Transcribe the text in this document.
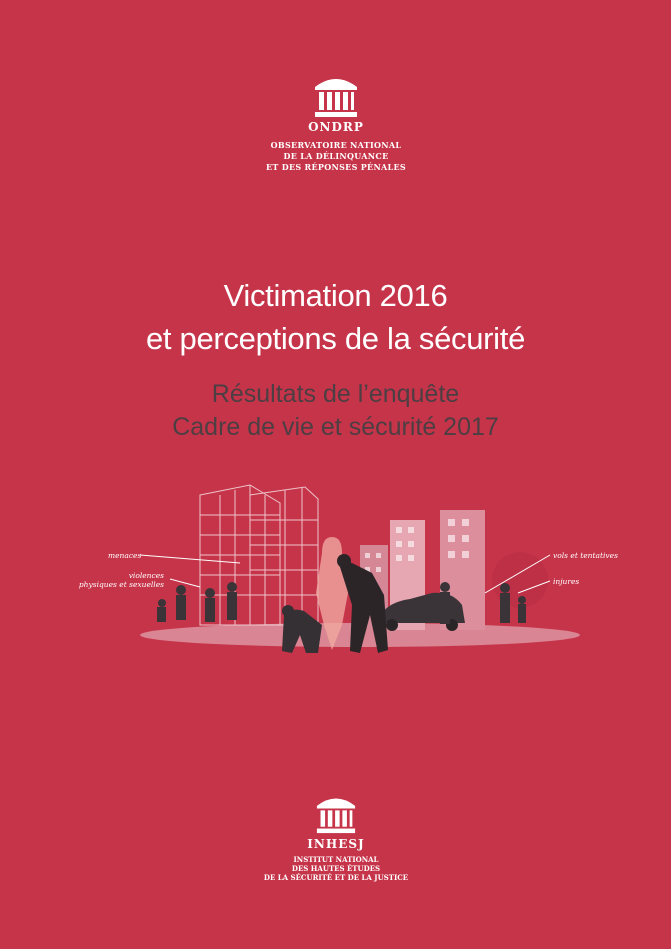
ONDRP
OBSERVATOIRE NATIONAL
DE LA DÉLINQUANCE
ET DES RÉPONSES PÉNALES
Victimation 2016
et perceptions de la sécurité
Résultats de l’enquête
Cadre de vie et sécurité 2017
menaces
violences
physiques et sexuelles
vols et tentatives
injures
INHESJ
INSTITUT NATIONAL
DES HAUTES ÉTUDES
DE LA SÉCURITÉ ET DE LA JUSTICE
